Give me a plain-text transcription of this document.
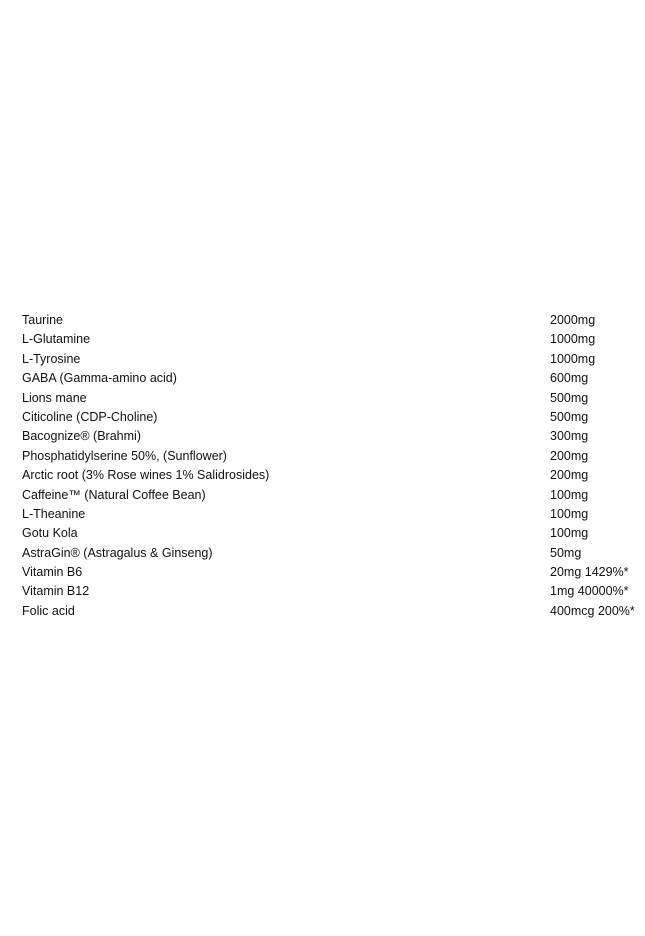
Taurine	2000mg
L-Glutamine	1000mg
L-Tyrosine	1000mg
GABA (Gamma-amino acid)	600mg
Lions mane	500mg
Citicoline (CDP-Choline)	500mg
Bacognize® (Brahmi)	300mg
Phosphatidylserine 50%, (Sunflower)	200mg
Arctic root (3% Rose wines 1% Salidrosides)	200mg
Caffeine™ (Natural Coffee Bean)	100mg
L-Theanine	100mg
Gotu Kola	100mg
AstraGin® (Astragalus & Ginseng)	50mg
Vitamin B6	20mg 1429%*
Vitamin B12	1mg 40000%*
Folic acid	400mcg 200%*
